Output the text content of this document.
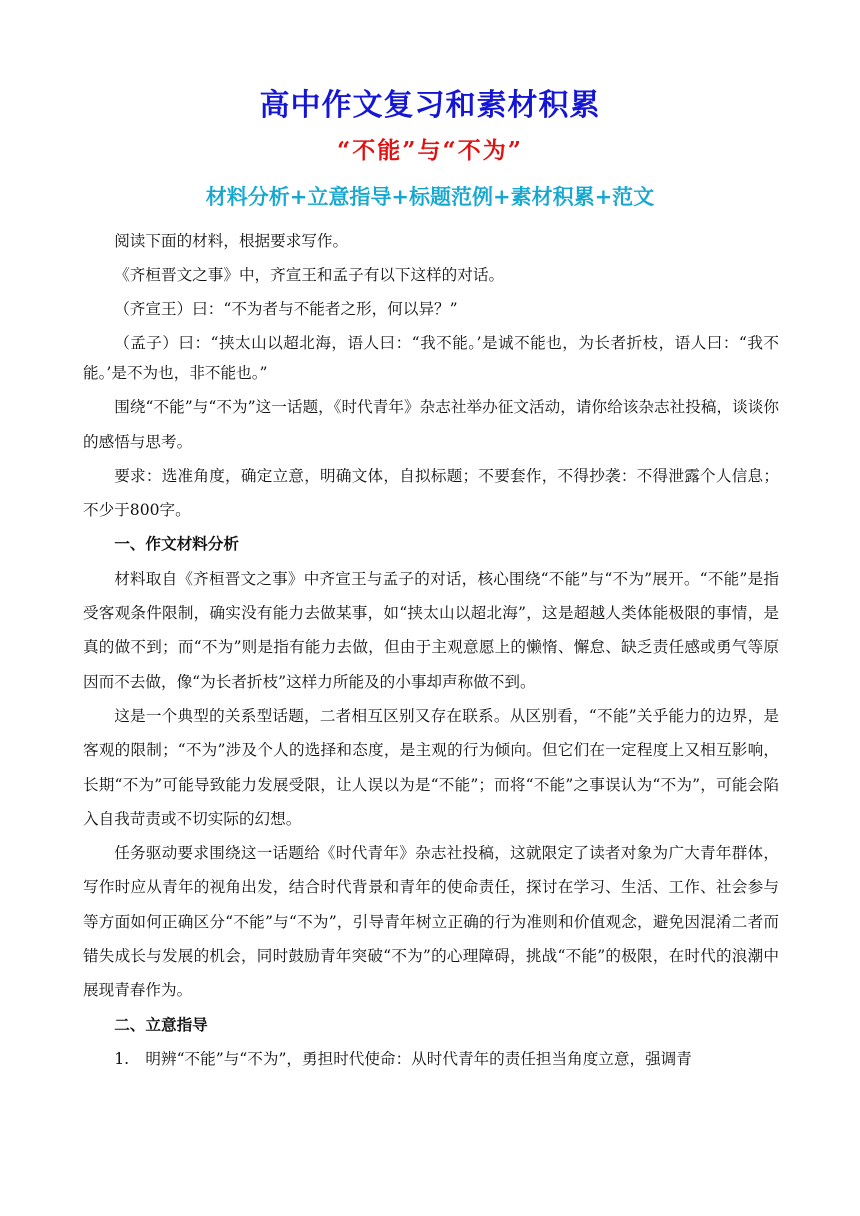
高中作文复习和素材积累
“不能”与“不为”
材料分析+立意指导+标题范例+素材积累+范文

阅读下面的材料，根据要求写作。

《齐桓晋文之事》中，齐宣王和孟子有以下这样的对话。

（齐宣王）曰：“不为者与不能者之形，何以异？”

（孟子）曰：“挟太山以超北海，语人曰：“我不能。’是诚不能也，为长者折枝，语人曰：“我不能。’是不为也，非不能也。”

围绕“不能”与“不为”这一话题，《时代青年》杂志社举办征文活动，请你给该杂志社投稿，谈谈你的感悟与思考。

要求：选准角度，确定立意，明确文体，自拟标题；不要套作，不得抄袭：不得泄露个人信息；不少于800字。

一、作文材料分析

材料取自《齐桓晋文之事》中齐宣王与孟子的对话，核心围绕“不能”与“不为”展开。“不能”是指受客观条件限制，确实没有能力去做某事，如“挟太山以超北海”，这是超越人类体能极限的事情，是真的做不到；而“不为”则是指有能力去做，但由于主观意愿上的懒惰、懈怠、缺乏责任感或勇气等原因而不去做，像“为长者折枝”这样力所能及的小事却声称做不到。

这是一个典型的关系型话题，二者相互区别又存在联系。从区别看，“不能”关乎能力的边界，是客观的限制；“不为”涉及个人的选择和态度，是主观的行为倾向。但它们在一定程度上又相互影响，长期“不为”可能导致能力发展受限，让人误以为是“不能”；而将“不能”之事误认为“不为”，可能会陷入自我苛责或不切实际的幻想。

任务驱动要求围绕这一话题给《时代青年》杂志社投稿，这就限定了读者对象为广大青年群体，写作时应从青年的视角出发，结合时代背景和青年的使命责任，探讨在学习、生活、工作、社会参与等方面如何正确区分“不能”与“不为”，引导青年树立正确的行为准则和价值观念，避免因混淆二者而错失成长与发展的机会，同时鼓励青年突破“不为”的心理障碍，挑战“不能”的极限，在时代的浪潮中展现青春作为。

二、立意指导

1. 明辨“不能”与“不为”，勇担时代使命：从时代青年的责任担当角度立意，强调青
